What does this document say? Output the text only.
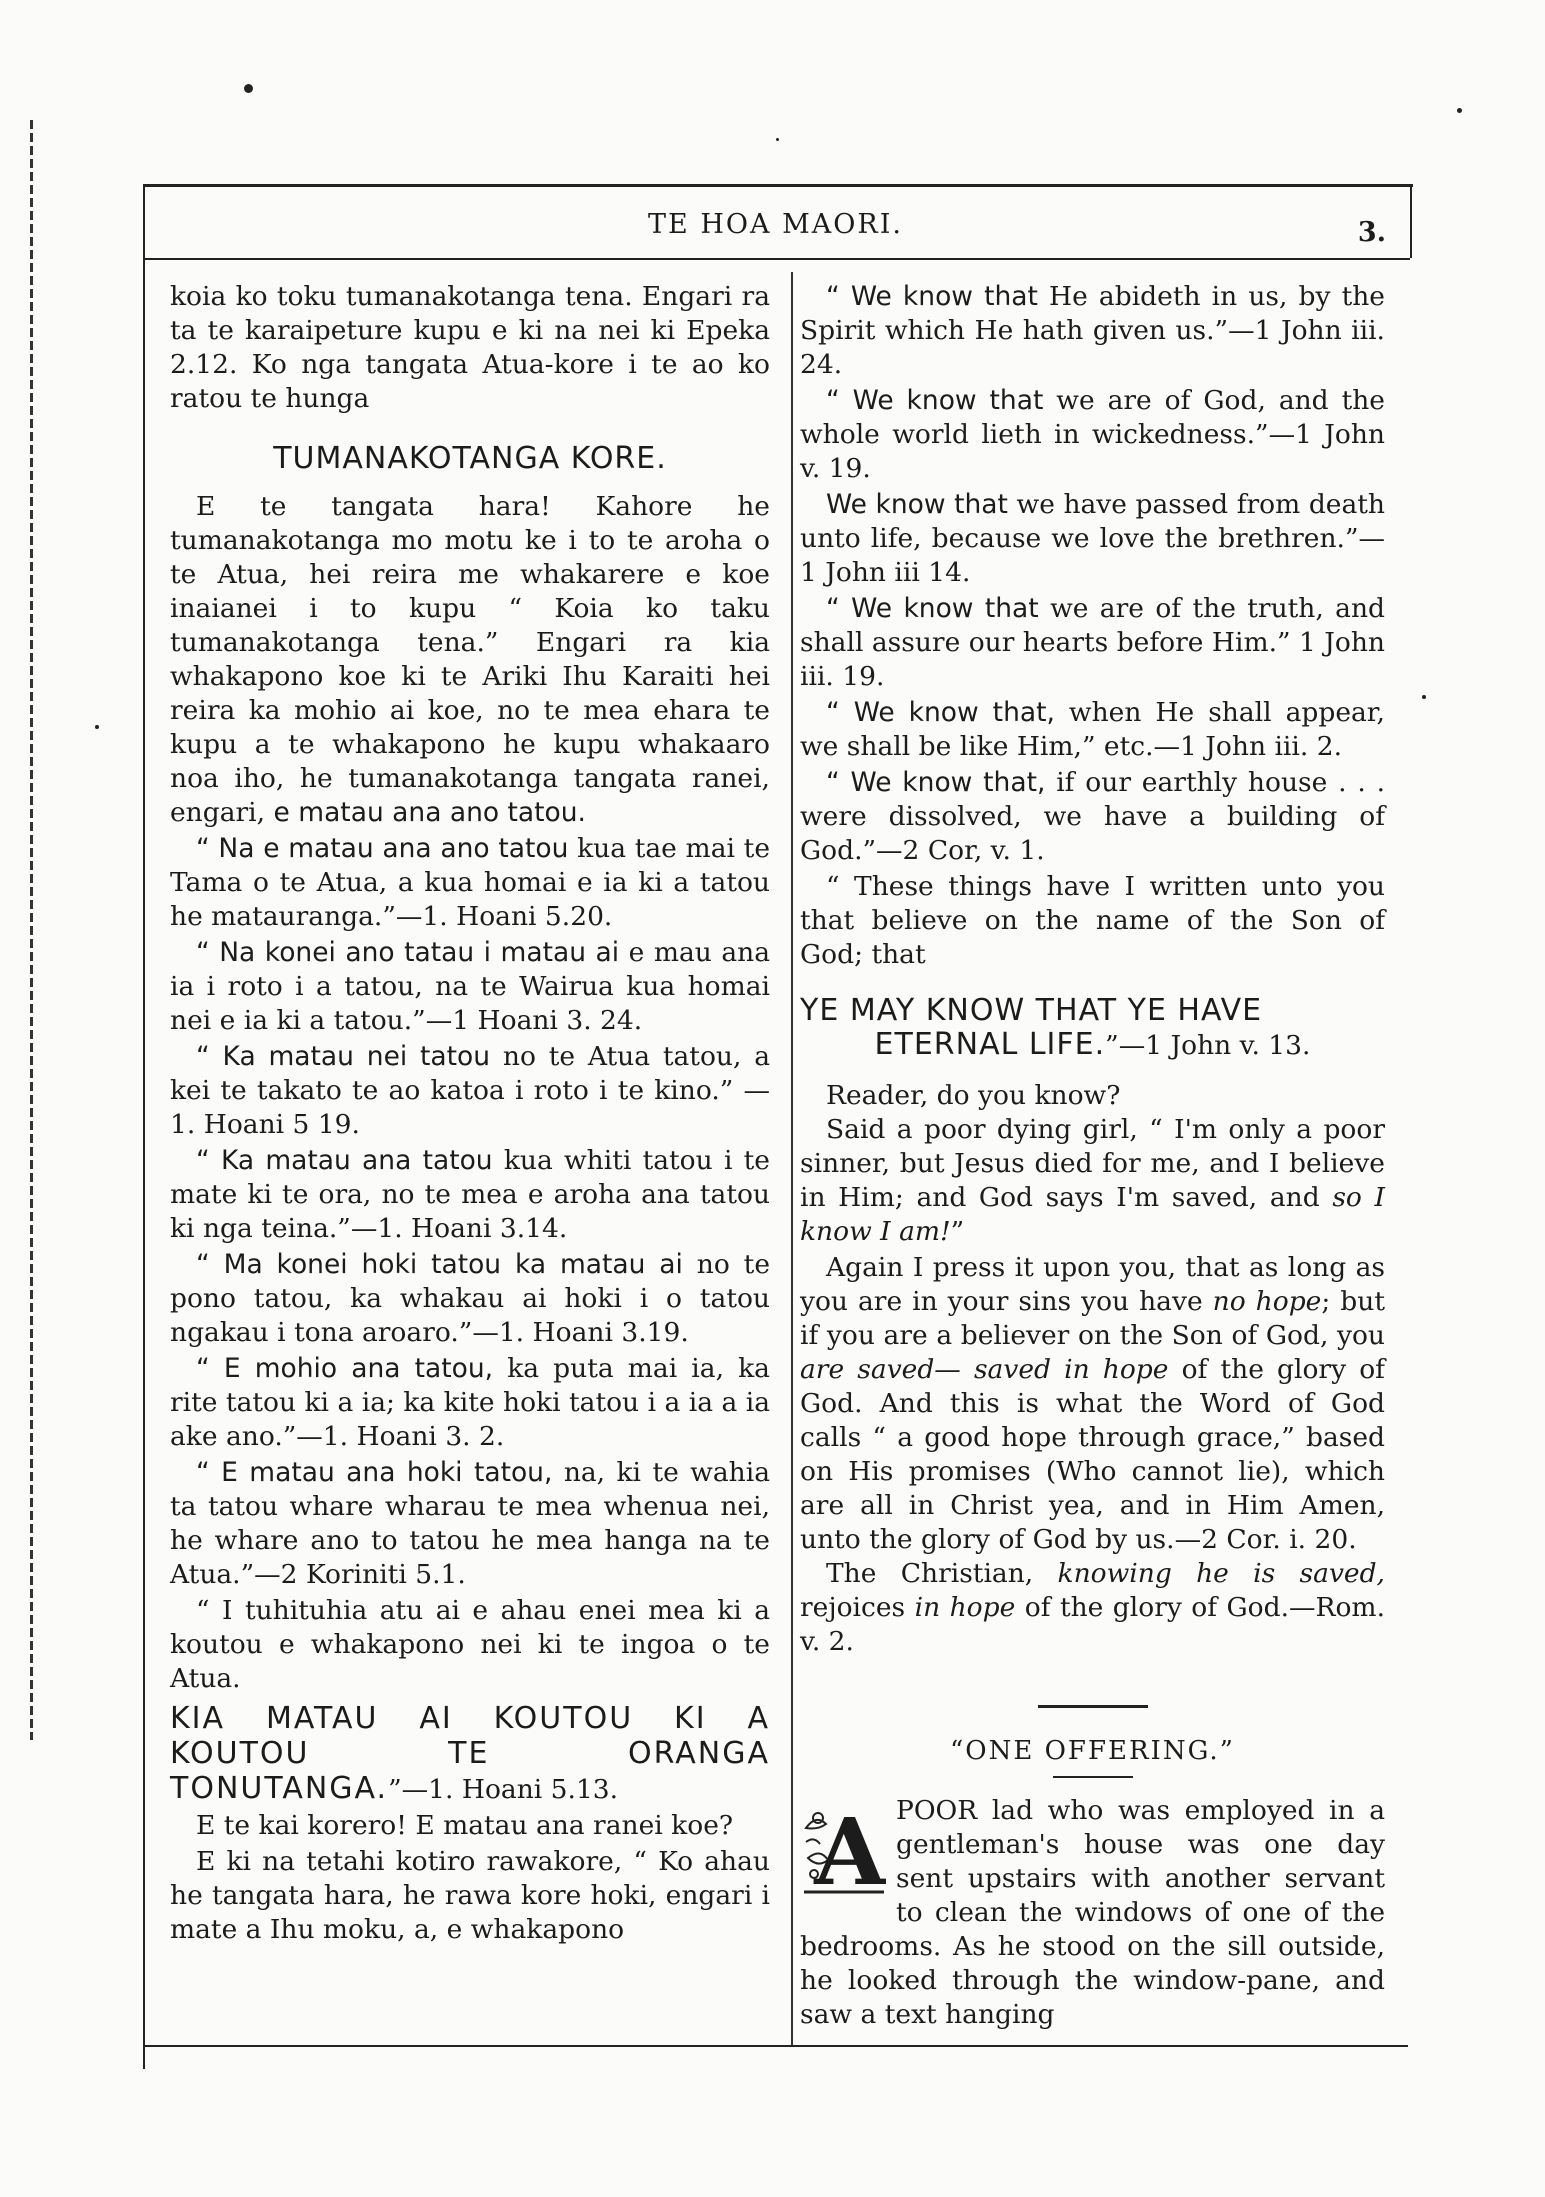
TE HOA MAORI.	3.

koia ko toku tumanakotanga tena. Engari ra ta te karaipeture kupu e ki na nei ki Epeka 2.12. Ko nga tangata Atua-kore i te ao ko ratou te hunga

TUMANAKOTANGA KORE.

E te tangata hara! Kahore he tumanakotanga mo motu ke i to te aroha o te Atua, hei reira me whakarere e koe inaianei i to kupu “ Koia ko taku tumanakotanga tena.” Engari ra kia whakapono koe ki te Ariki Ihu Karaiti hei reira ka mohio ai koe, no te mea ehara te kupu a te whakapono he kupu whakaaro noa iho, he tumanakotanga tangata ranei, engari, e matau ana ano tatou.

“ Na e matau ana ano tatou kua tae mai te Tama o te Atua, a kua homai e ia ki a tatou he matauranga.”—1. Hoani 5.20.

“ Na konei ano tatau i matau ai e mau ana ia i roto i a tatou, na te Wairua kua homai nei e ia ki a tatou.”—1 Hoani 3. 24.

“ Ka matau nei tatou no te Atua tatou, a kei te takato te ao katoa i roto i te kino.” —1. Hoani 5 19.

“ Ka matau ana tatou kua whiti tatou i te mate ki te ora, no te mea e aroha ana tatou ki nga teina.”—1. Hoani 3.14.

“ Ma konei hoki tatou ka matau ai no te pono tatou, ka whakau ai hoki i o tatou ngakau i tona aroaro.”—1. Hoani 3.19.

“ E mohio ana tatou, ka puta mai ia, ka rite tatou ki a ia; ka kite hoki tatou i a ia a ia ake ano.”—1. Hoani 3. 2.

“ E matau ana hoki tatou, na, ki te wahia ta tatou whare wharau te mea whenua nei, he whare ano to tatou he mea hanga na te Atua.”—2 Koriniti 5.1.

“ I tuhituhia atu ai e ahau enei mea ki a koutou e whakapono nei ki te ingoa o te Atua.

KIA MATAU AI KOUTOU KI A KOUTOU TE ORANGA TONUTANGA.”—1. Hoani 5.13.

E te kai korero! E matau ana ranei koe?

E ki na tetahi kotiro rawakore, “ Ko ahau he tangata hara, he rawa kore hoki, engari i mate a Ihu moku, a, e whakapono

“ We know that He abideth in us, by the Spirit which He hath given us.”—1 John iii. 24.

“ We know that we are of God, and the whole world lieth in wickedness.”—1 John v. 19.

We know that we have passed from death unto life, because we love the brethren.”—1 John iii 14.

“ We know that we are of the truth, and shall assure our hearts before Him.” 1 John iii. 19.

“ We know that, when He shall appear, we shall be like Him,” etc.—1 John iii. 2.

“ We know that, if our earthly house . . . were dissolved, we have a building of God.”—2 Cor, v. 1.

“ These things have I written unto you that believe on the name of the Son of God; that

YE MAY KNOW THAT YE HAVE

ETERNAL LIFE.”—1 John v. 13.

Reader, do you know?

Said a poor dying girl, “ I'm only a poor sinner, but Jesus died for me, and I believe in Him; and God says I'm saved, and so I know I am!”

Again I press it upon you, that as long as you are in your sins you have no hope; but if you are a believer on the Son of God, you are saved— saved in hope of the glory of God. And this is what the Word of God calls “ a good hope through grace,” based on His promises (Who cannot lie), which are all in Christ yea, and in Him Amen, unto the glory of God by us.—2 Cor. i. 20.

The Christian, knowing he is saved, rejoices in hope of the glory of God.—Rom. v. 2.

“ONE OFFERING.”

A POOR lad who was employed in a gentleman's house was one day sent upstairs with another servant to clean the windows of one of the bedrooms. As he stood on the sill outside, he looked through the window-pane, and saw a text hanging
